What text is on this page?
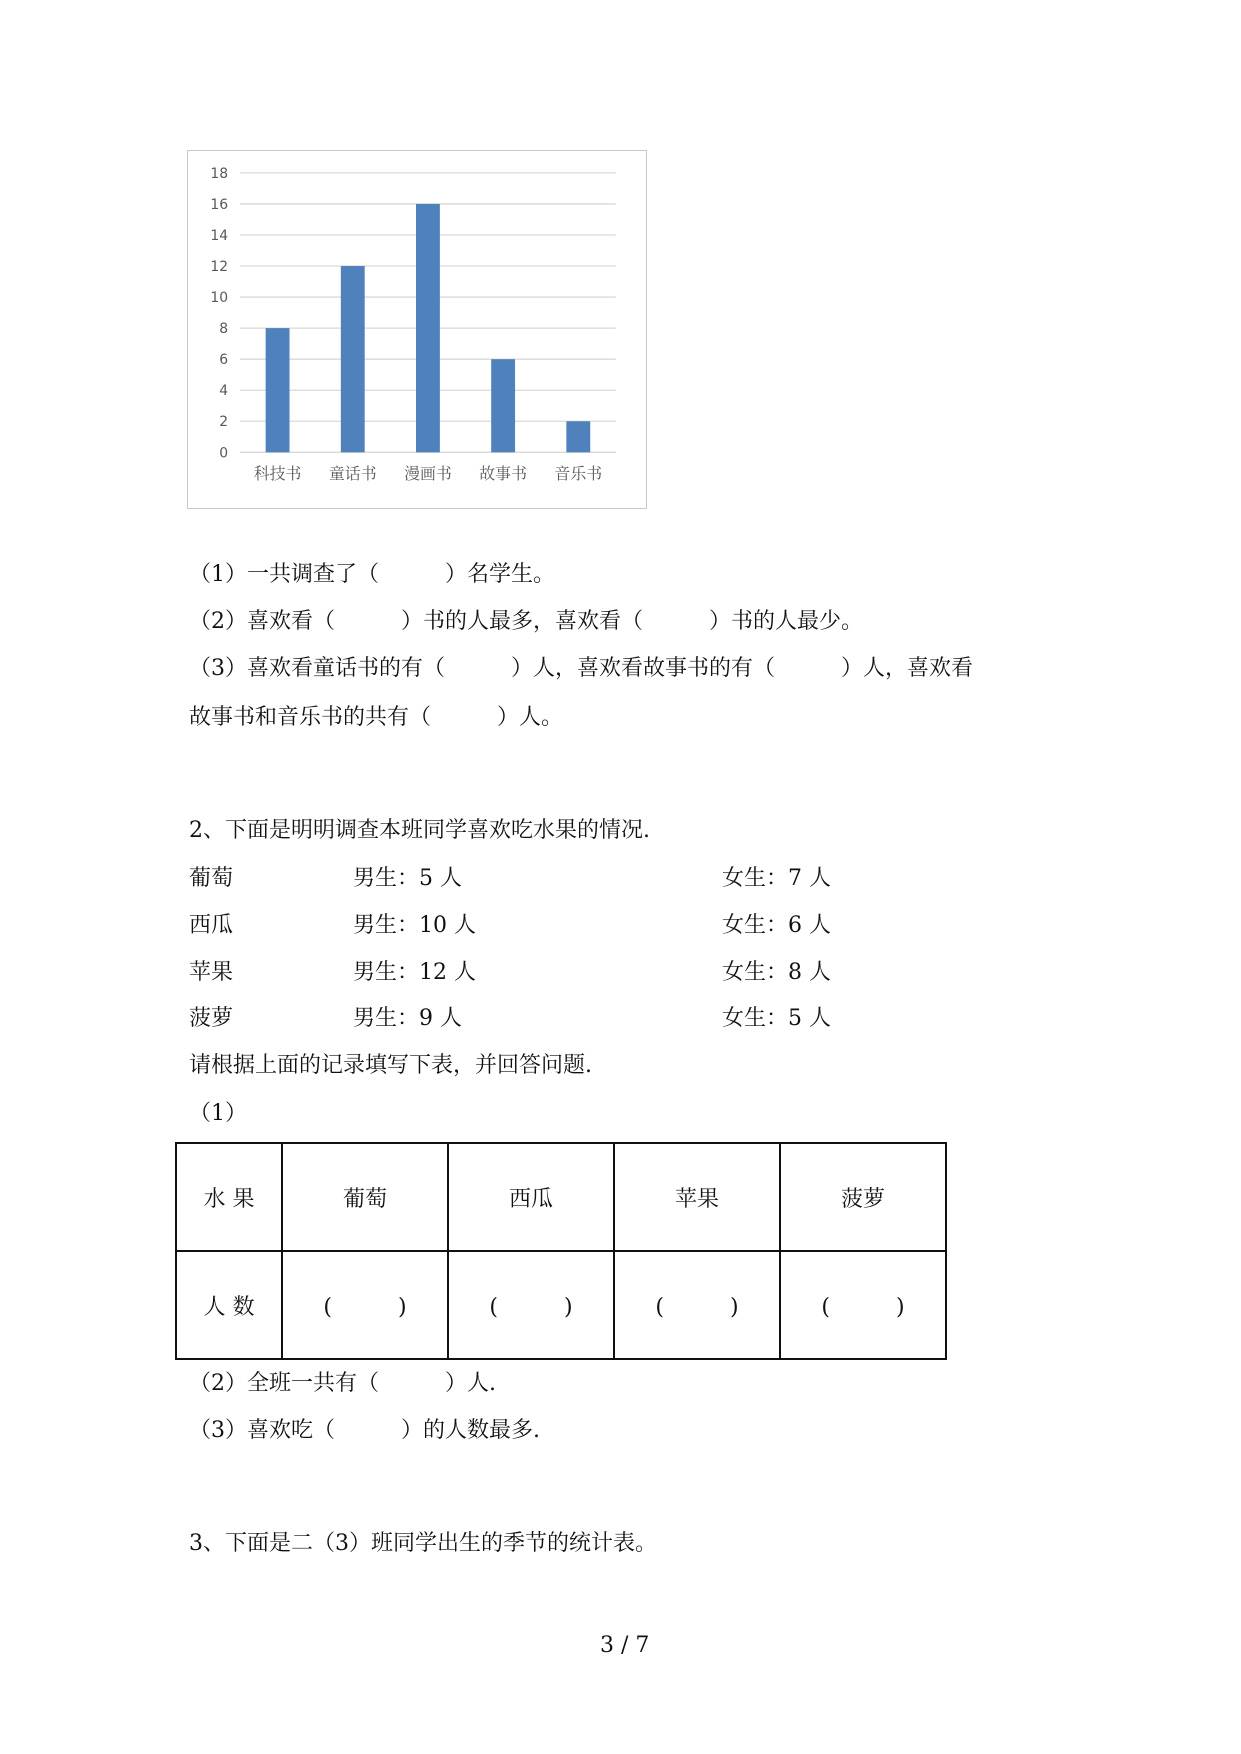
0
2
4
6
8
10
12
14
16
18
科技书 童话书 漫画书 故事书 音乐书
（1）一共调查了（　　　）名学生。
（2）喜欢看（　　　）书的人最多，喜欢看（　　　）书的人最少。
（3）喜欢看童话书的有（　　　）人，喜欢看故事书的有（　　　）人，喜欢看
故事书和音乐书的共有（　　　）人。
2、下面是明明调查本班同学喜欢吃水果的情况.
葡萄	男生：5 人	女生：7 人
西瓜	男生：10 人	女生：6 人
苹果	男生：12 人	女生：8 人
菠萝	男生：9 人	女生：5 人
请根据上面的记录填写下表，并回答问题.
（1）
水 果	葡萄	西瓜	苹果	菠萝
人 数	(　　　)	(　　　)	(　　　)	(　　　)
（2）全班一共有（　　　）人.
（3）喜欢吃（　　　）的人数最多.
3、下面是二（3）班同学出生的季节的统计表。
3 / 7
